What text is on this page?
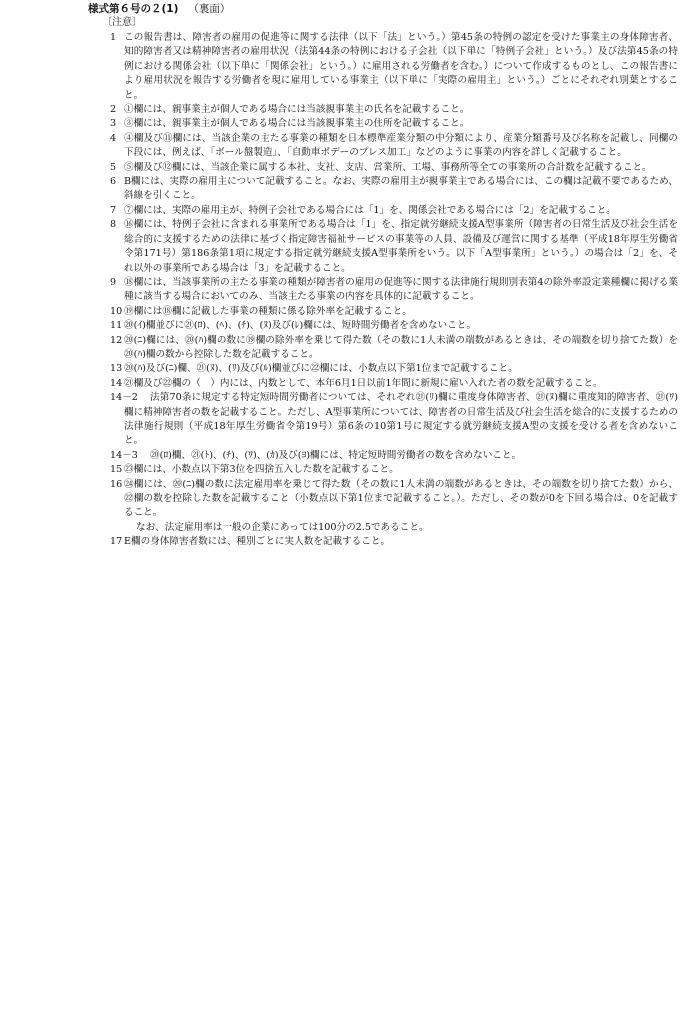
様式第６号の２(1) （裏面）
〔注意〕
1 この報告書は、障害者の雇用の促進等に関する法律（以下「法」という。）第45条の特例の認定を受けた事業主の身体障害者、知的障害者又は精神障害者の雇用状況（法第44条の特例における子会社（以下単に「特例子会社」という。）及び法第45条の特例における関係会社（以下単に「関係会社」という。）に雇用される労働者を含む。）について作成するものとし、この報告書により雇用状況を報告する労働者を現に雇用している事業主（以下単に「実際の雇用主」という。）ごとにそれぞれ別葉とすること。
2 ①欄には、親事業主が個人である場合には当該親事業主の氏名を記載すること。
3 ③欄には、親事業主が個人である場合には当該親事業主の住所を記載すること。
4 ④欄及び⑪欄には、当該企業の主たる事業の種類を日本標準産業分類の中分類により、産業分類番号及び名称を記載し、同欄の下段には、例えば、「ボール盤製造」、「自動車ボデーのプレス加工」などのように事業の内容を詳しく記載すること。
5 ⑤欄及び⑫欄には、当該企業に属する本社、支社、支店、営業所、工場、事務所等全ての事業所の合計数を記載すること。
6 B欄には、実際の雇用主について記載すること。なお、実際の雇用主が親事業主である場合には、この欄は記載不要であるため、斜線を引くこと。
7 ⑦欄には、実際の雇用主が、特例子会社である場合には「1」を、関係会社である場合には「2」を記載すること。
8 ⑯欄には、特例子会社に含まれる事業所である場合は「1」を、指定就労継続支援A型事業所（障害者の日常生活及び社会生活を総合的に支援するための法律に基づく指定障害福祉サービスの事業等の人員、設備及び運営に関する基準（平成18年厚生労働省令第171号）第186条第1項に規定する指定就労継続支援A型事業所をいう。以下「A型事業所」という。）の場合は「2」を、それ以外の事業所である場合は「3」を記載すること。
9 ⑱欄には、当該事業所の主たる事業の種類が障害者の雇用の促進等に関する法律施行規則別表第4の除外率設定業種欄に掲げる業種に該当する場合においてのみ、当該主たる事業の内容を具体的に記載すること。
10 ⑲欄には⑱欄に記載した事業の種類に係る除外率を記載すること。
11 ⑳(ｲ)欄並びに㉑(ﾛ)、(ﾍ)、(ﾁ)、(ﾇ)及び(ﾚ)欄には、短時間労働者を含めないこと。
12 ⑳(ﾆ)欄には、⑳(ﾊ)欄の数に⑲欄の除外率を乗じて得た数（その数に1人未満の端数があるときは、その端数を切り捨てた数）を⑳(ﾊ)欄の数から控除した数を記載すること。
13 ⑳(ﾊ)及び(ﾆ)欄、㉑(ﾇ)、(ﾘ)及び(ﾙ)欄並びに㉒欄には、小数点以下第1位まで記載すること。
14 ㉑欄及び㉒欄の（　）内には、内数として、本年6月1日以前1年間に新規に雇い入れた者の数を記載すること。
14－2	法第70条に規定する特定短時間労働者については、それぞれ㉑(ﾘ)欄に重度身体障害者、㉑(ﾇ)欄に重度知的障害者、㉑(ﾜ)欄に精神障害者の数を記載すること。ただし、A型事業所については、障害者の日常生活及び社会生活を総合的に支援するための法律施行規則（平成18年厚生労働省令第19号）第6条の10第1号に規定する就労継続支援A型の支援を受ける者を含めないこと。
14－3	⑳(ﾛ)欄、㉑(ﾄ)、(ﾁ)、(ﾜ)、(ｶ)及び(ﾖ)欄には、特定短時間労働者の数を含めないこと。
15 ㉓欄には、小数点以下第3位を四捨五入した数を記載すること。
16 ㉔欄には、⑳(ﾆ)欄の数に法定雇用率を乗じて得た数（その数に1人未満の端数があるときは、その端数を切り捨てた数）から、㉒欄の数を控除した数を記載すること（小数点以下第1位まで記載すること。）。ただし、その数が0を下回る場合は、0を記載すること。
なお、法定雇用率は一般の企業にあっては100分の2.5であること。
17 E欄の身体障害者数には、種別ごとに実人数を記載すること。
